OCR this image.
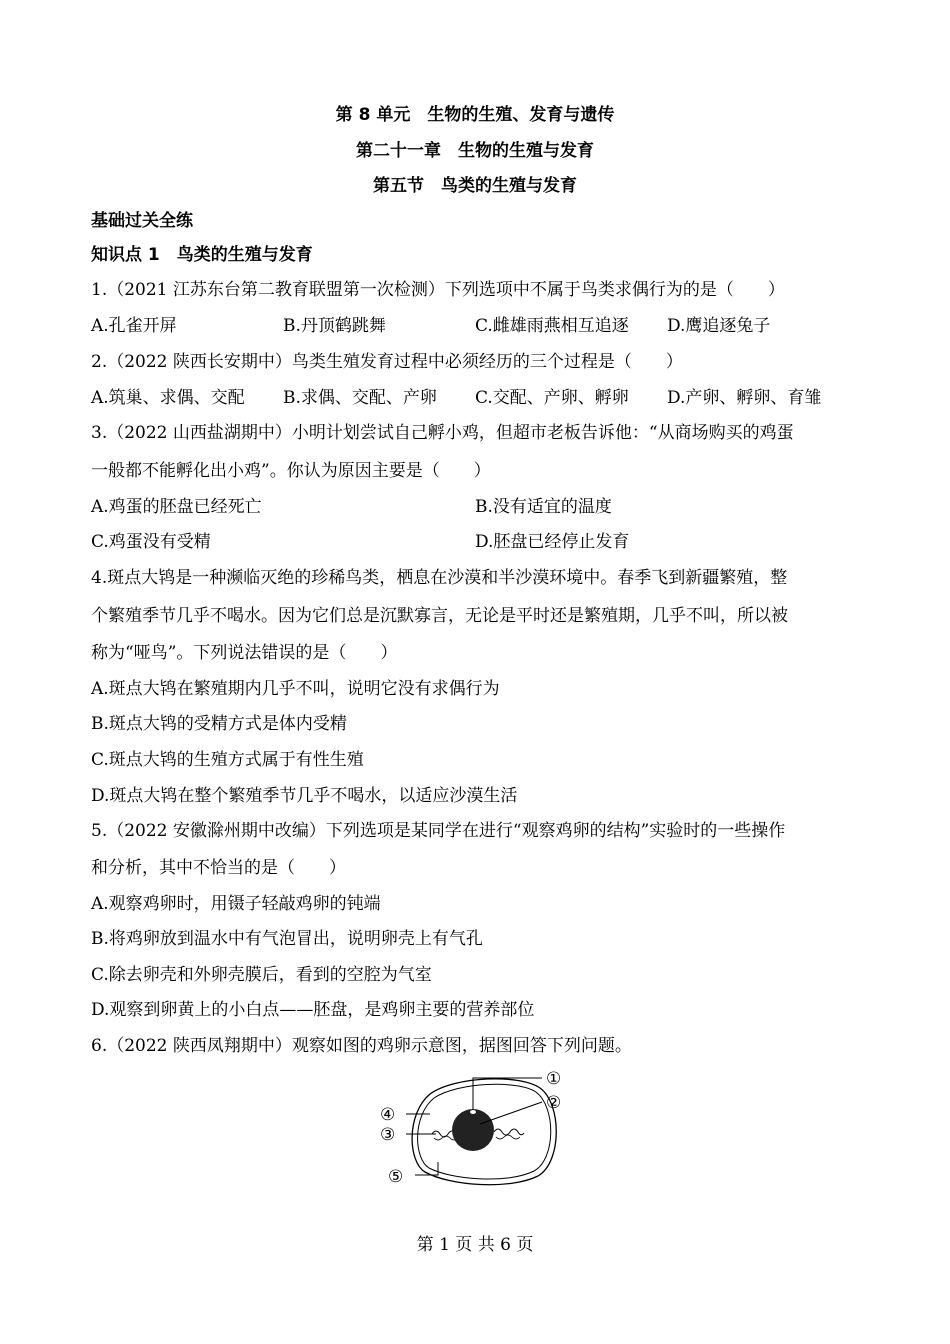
第 8 单元　生物的生殖、发育与遗传
第二十一章　生物的生殖与发育
第五节　鸟类的生殖与发育
基础过关全练
知识点 1　鸟类的生殖与发育
1.（2021 江苏东台第二教育联盟第一次检测）下列选项中不属于鸟类求偶行为的是（　　）
A.孔雀开屏	B.丹顶鹤跳舞	C.雌雄雨燕相互追逐 D.鹰追逐兔子
2.（2022 陕西长安期中）鸟类生殖发育过程中必须经历的三个过程是（　　）
A.筑巢、求偶、交配 B.求偶、交配、产卵 C.交配、产卵、孵卵 D.产卵、孵卵、育雏
3.（2022 山西盐湖期中）小明计划尝试自己孵小鸡，但超市老板告诉他：“从商场购买的鸡蛋
一般都不能孵化出小鸡”。你认为原因主要是（　　）
A.鸡蛋的胚盘已经死亡	B.没有适宜的温度
C.鸡蛋没有受精	D.胚盘已经停止发育
4.斑点大鸨是一种濒临灭绝的珍稀鸟类，栖息在沙漠和半沙漠环境中。春季飞到新疆繁殖，整
个繁殖季节几乎不喝水。因为它们总是沉默寡言，无论是平时还是繁殖期，几乎不叫，所以被
称为“哑鸟”。下列说法错误的是（　　）
A.斑点大鸨在繁殖期内几乎不叫，说明它没有求偶行为
B.斑点大鸨的受精方式是体内受精
C.斑点大鸨的生殖方式属于有性生殖
D.斑点大鸨在整个繁殖季节几乎不喝水，以适应沙漠生活
5.（2022 安徽滁州期中改编）下列选项是某同学在进行“观察鸡卵的结构”实验时的一些操作
和分析，其中不恰当的是（　　）
A.观察鸡卵时，用镊子轻敲鸡卵的钝端
B.将鸡卵放到温水中有气泡冒出，说明卵壳上有气孔
C.除去卵壳和外卵壳膜后，看到的空腔为气室
D.观察到卵黄上的小白点——胚盘，是鸡卵主要的营养部位
6.（2022 陕西凤翔期中）观察如图的鸡卵示意图，据图回答下列问题。
①
②
③
④
⑤
第 1 页 共 6 页
